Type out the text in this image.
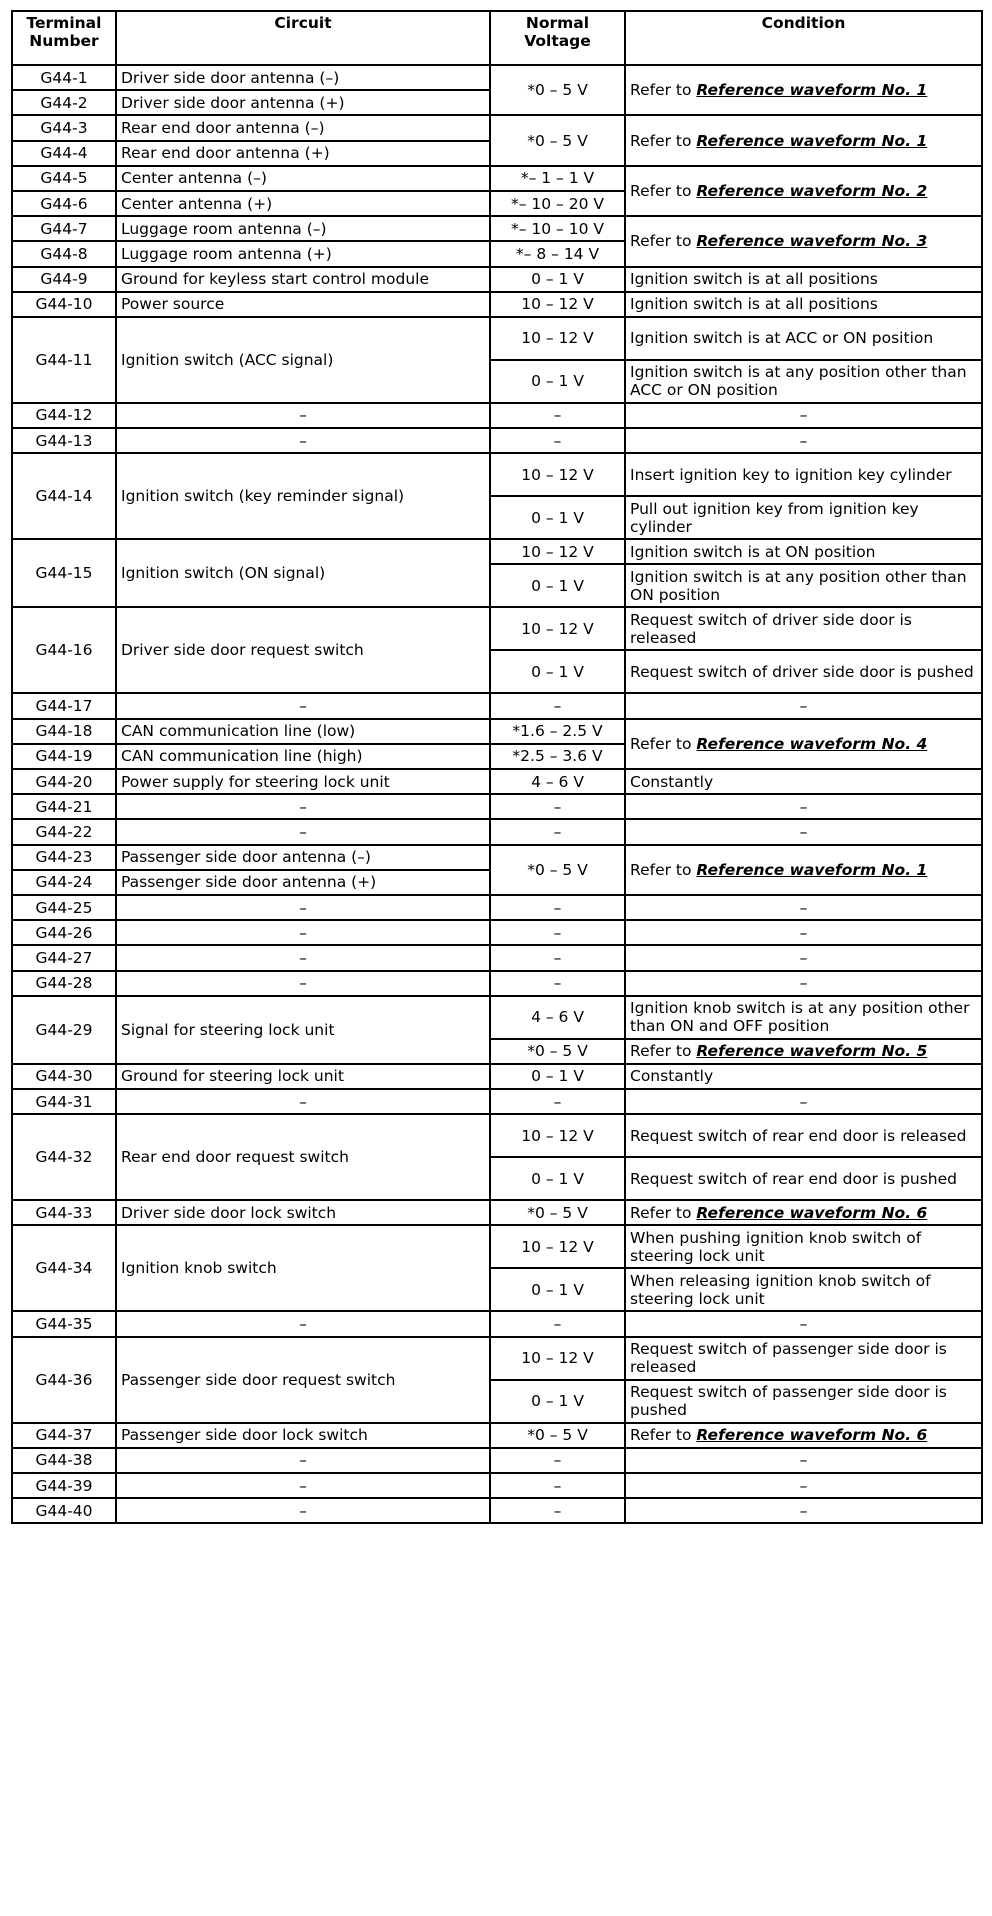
Terminal Number	Circuit	Normal Voltage	Condition
G44-1	Driver side door antenna (–)	*0 – 5 V	Refer to Reference waveform No. 1
G44-2	Driver side door antenna (+)		
G44-3	Rear end door antenna (–)	*0 – 5 V	Refer to Reference waveform No. 1
G44-4	Rear end door antenna (+)		
G44-5	Center antenna (–)	*– 1 – 1 V	Refer to Reference waveform No. 2
G44-6	Center antenna (+)	*– 10 – 20 V	
G44-7	Luggage room antenna (–)	*– 10 – 10 V	Refer to Reference waveform No. 3
G44-8	Luggage room antenna (+)	*– 8 – 14 V	
G44-9	Ground for keyless start control module	0 – 1 V	Ignition switch is at all positions
G44-10	Power source	10 – 12 V	Ignition switch is at all positions
G44-11	Ignition switch (ACC signal)	10 – 12 V	Ignition switch is at ACC or ON position
		0 – 1 V	Ignition switch is at any position other than ACC or ON position
G44-12	–	–	–
G44-13	–	–	–
G44-14	Ignition switch (key reminder signal)	10 – 12 V	Insert ignition key to ignition key cylinder
		0 – 1 V	Pull out ignition key from ignition key cylinder
G44-15	Ignition switch (ON signal)	10 – 12 V	Ignition switch is at ON position
		0 – 1 V	Ignition switch is at any position other than ON position
G44-16	Driver side door request switch	10 – 12 V	Request switch of driver side door is released
		0 – 1 V	Request switch of driver side door is pushed
G44-17	–	–	–
G44-18	CAN communication line (low)	*1.6 – 2.5 V	Refer to Reference waveform No. 4
G44-19	CAN communication line (high)	*2.5 – 3.6 V	
G44-20	Power supply for steering lock unit	4 – 6 V	Constantly
G44-21	–	–	–
G44-22	–	–	–
G44-23	Passenger side door antenna (–)	*0 – 5 V	Refer to Reference waveform No. 1
G44-24	Passenger side door antenna (+)		
G44-25	–	–	–
G44-26	–	–	–
G44-27	–	–	–
G44-28	–	–	–
G44-29	Signal for steering lock unit	4 – 6 V	Ignition knob switch is at any position other than ON and OFF position
		*0 – 5 V	Refer to Reference waveform No. 5
G44-30	Ground for steering lock unit	0 – 1 V	Constantly
G44-31	–	–	–
G44-32	Rear end door request switch	10 – 12 V	Request switch of rear end door is released
		0 – 1 V	Request switch of rear end door is pushed
G44-33	Driver side door lock switch	*0 – 5 V	Refer to Reference waveform No. 6
G44-34	Ignition knob switch	10 – 12 V	When pushing ignition knob switch of steering lock unit
		0 – 1 V	When releasing ignition knob switch of steering lock unit
G44-35	–	–	–
G44-36	Passenger side door request switch	10 – 12 V	Request switch of passenger side door is released
		0 – 1 V	Request switch of passenger side door is pushed
G44-37	Passenger side door lock switch	*0 – 5 V	Refer to Reference waveform No. 6
G44-38	–	–	–
G44-39	–	–	–
G44-40	–	–	–
